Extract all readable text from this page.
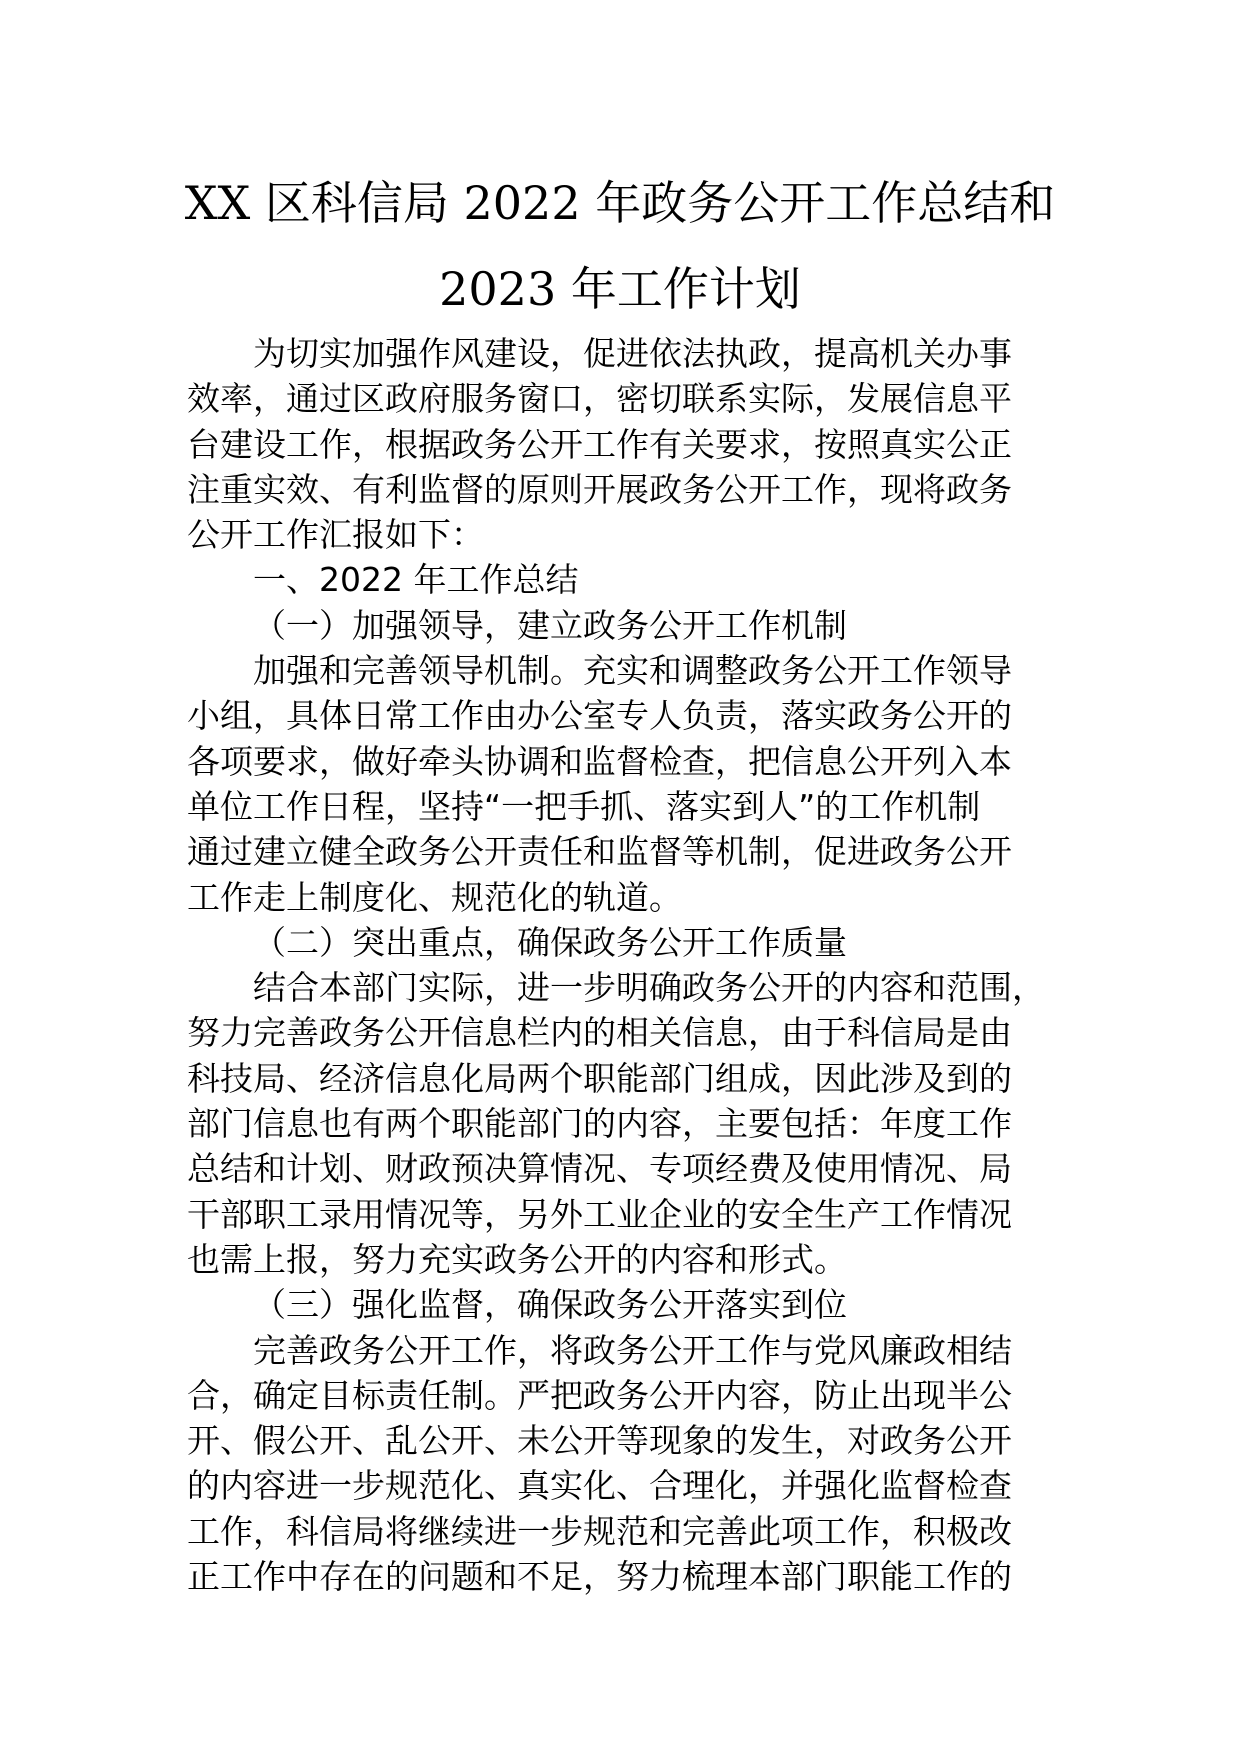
XX 区科信局 2022 年政务公开工作总结和
2023 年工作计划
为切实加强作风建设，促进依法执政，提高机关办事
效率，通过区政府服务窗口，密切联系实际，发展信息平
台建设工作，根据政务公开工作有关要求，按照真实公正
注重实效、有利监督的原则开展政务公开工作，现将政务
公开工作汇报如下：
一、2022 年工作总结
（一）加强领导，建立政务公开工作机制
加强和完善领导机制。充实和调整政务公开工作领导
小组，具体日常工作由办公室专人负责，落实政务公开的
各项要求，做好牵头协调和监督检查，把信息公开列入本
单位工作日程，坚持“一把手抓、落实到人”的工作机制
通过建立健全政务公开责任和监督等机制，促进政务公开
工作走上制度化、规范化的轨道。
（二）突出重点，确保政务公开工作质量
结合本部门实际，进一步明确政务公开的内容和范围，
努力完善政务公开信息栏内的相关信息，由于科信局是由
科技局、经济信息化局两个职能部门组成，因此涉及到的
部门信息也有两个职能部门的内容，主要包括：年度工作
总结和计划、财政预决算情况、专项经费及使用情况、局
干部职工录用情况等，另外工业企业的安全生产工作情况
也需上报，努力充实政务公开的内容和形式。
（三）强化监督，确保政务公开落实到位
完善政务公开工作，将政务公开工作与党风廉政相结
合，确定目标责任制。严把政务公开内容，防止出现半公
开、假公开、乱公开、未公开等现象的发生，对政务公开
的内容进一步规范化、真实化、合理化，并强化监督检查
工作，科信局将继续进一步规范和完善此项工作，积极改
正工作中存在的问题和不足，努力梳理本部门职能工作的
